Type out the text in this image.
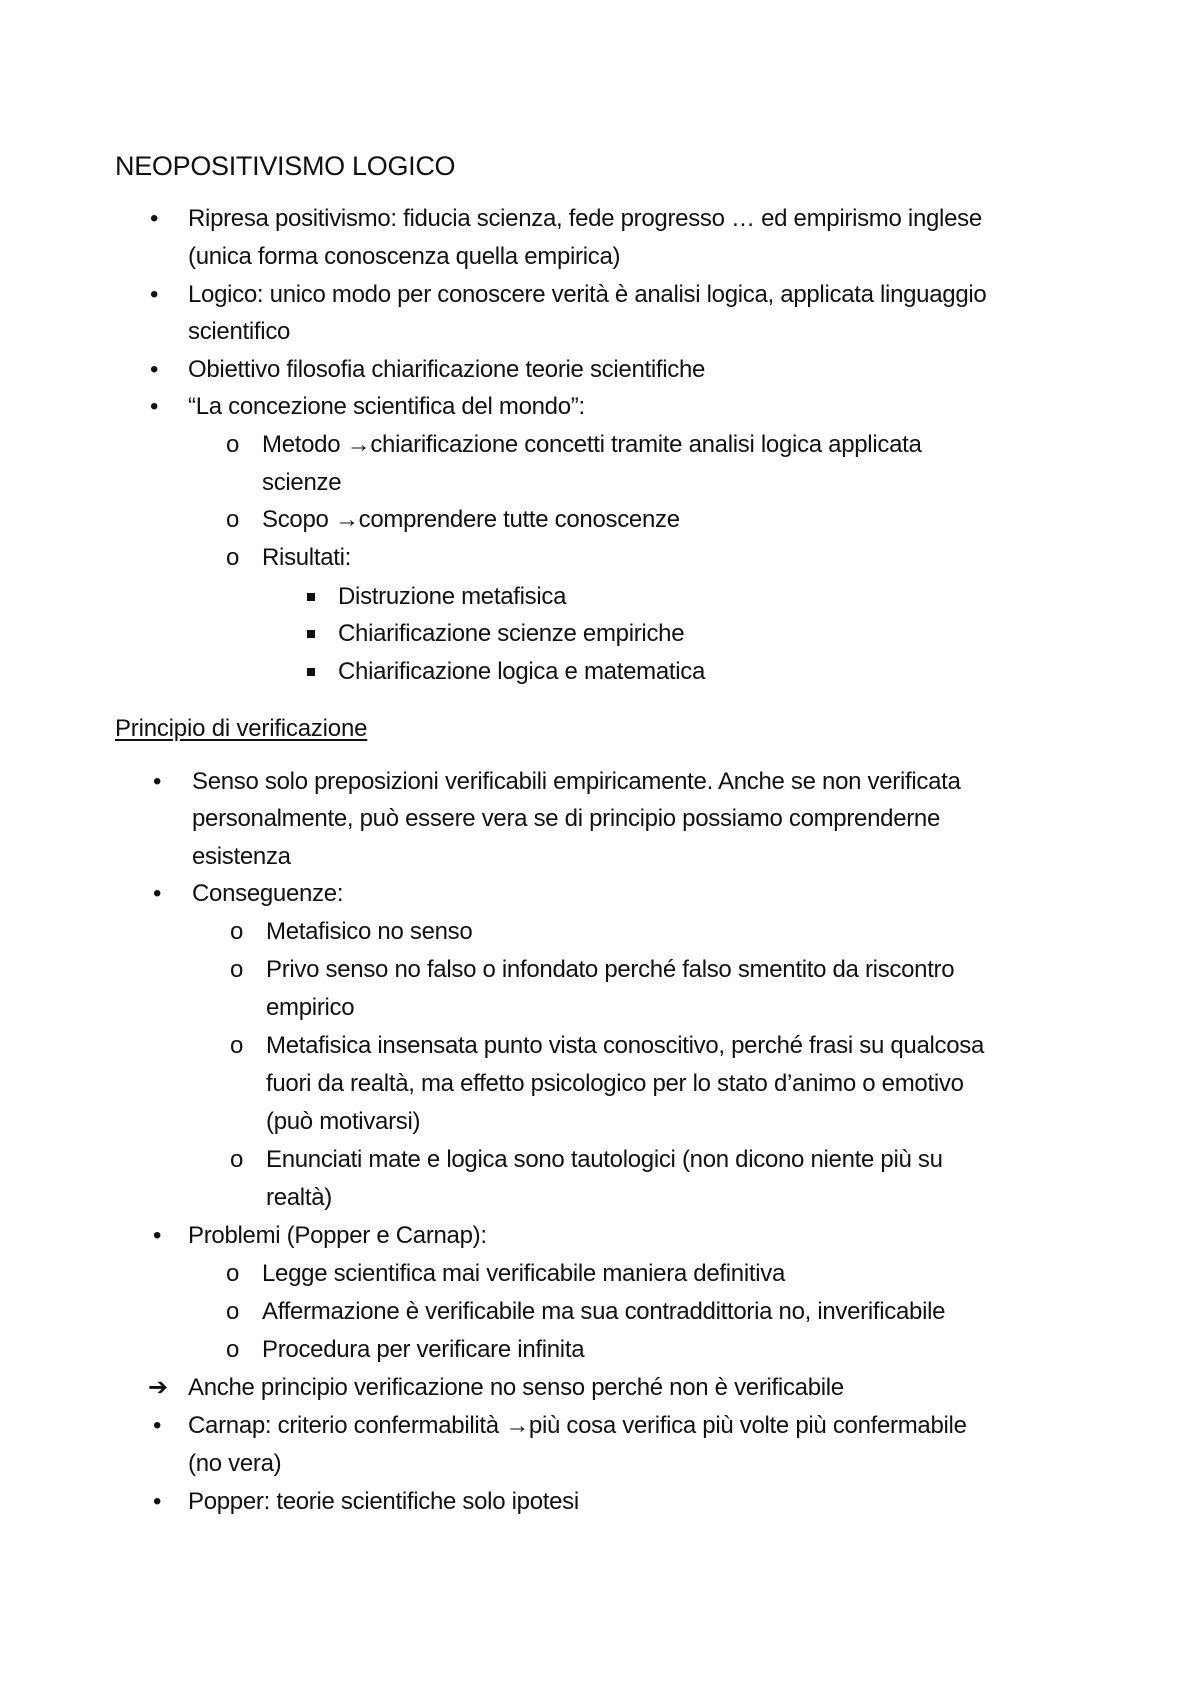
NEOPOSITIVISMO LOGICO
• Ripresa positivismo: fiducia scienza, fede progresso … ed empirismo inglese
(unica forma conoscenza quella empirica)
• Logico: unico modo per conoscere verità è analisi logica, applicata linguaggio
scientifico
• Obiettivo filosofia chiarificazione teorie scientifiche
• “La concezione scientifica del mondo”:
o Metodo →chiarificazione concetti tramite analisi logica applicata
scienze
o Scopo →comprendere tutte conoscenze
o Risultati:
Distruzione metafisica
Chiarificazione scienze empiriche
Chiarificazione logica e matematica
Principio di verificazione
• Senso solo preposizioni verificabili empiricamente. Anche se non verificata
personalmente, può essere vera se di principio possiamo comprenderne
esistenza
• Conseguenze:
o Metafisico no senso
o Privo senso no falso o infondato perché falso smentito da riscontro
empirico
o Metafisica insensata punto vista conoscitivo, perché frasi su qualcosa
fuori da realtà, ma effetto psicologico per lo stato d’animo o emotivo
(può motivarsi)
o Enunciati mate e logica sono tautologici (non dicono niente più su
realtà)
• Problemi (Popper e Carnap):
o Legge scientifica mai verificabile maniera definitiva
o Affermazione è verificabile ma sua contraddittoria no, inverificabile
o Procedura per verificare infinita
➔ Anche principio verificazione no senso perché non è verificabile
• Carnap: criterio confermabilità →più cosa verifica più volte più confermabile
(no vera)
• Popper: teorie scientifiche solo ipotesi
